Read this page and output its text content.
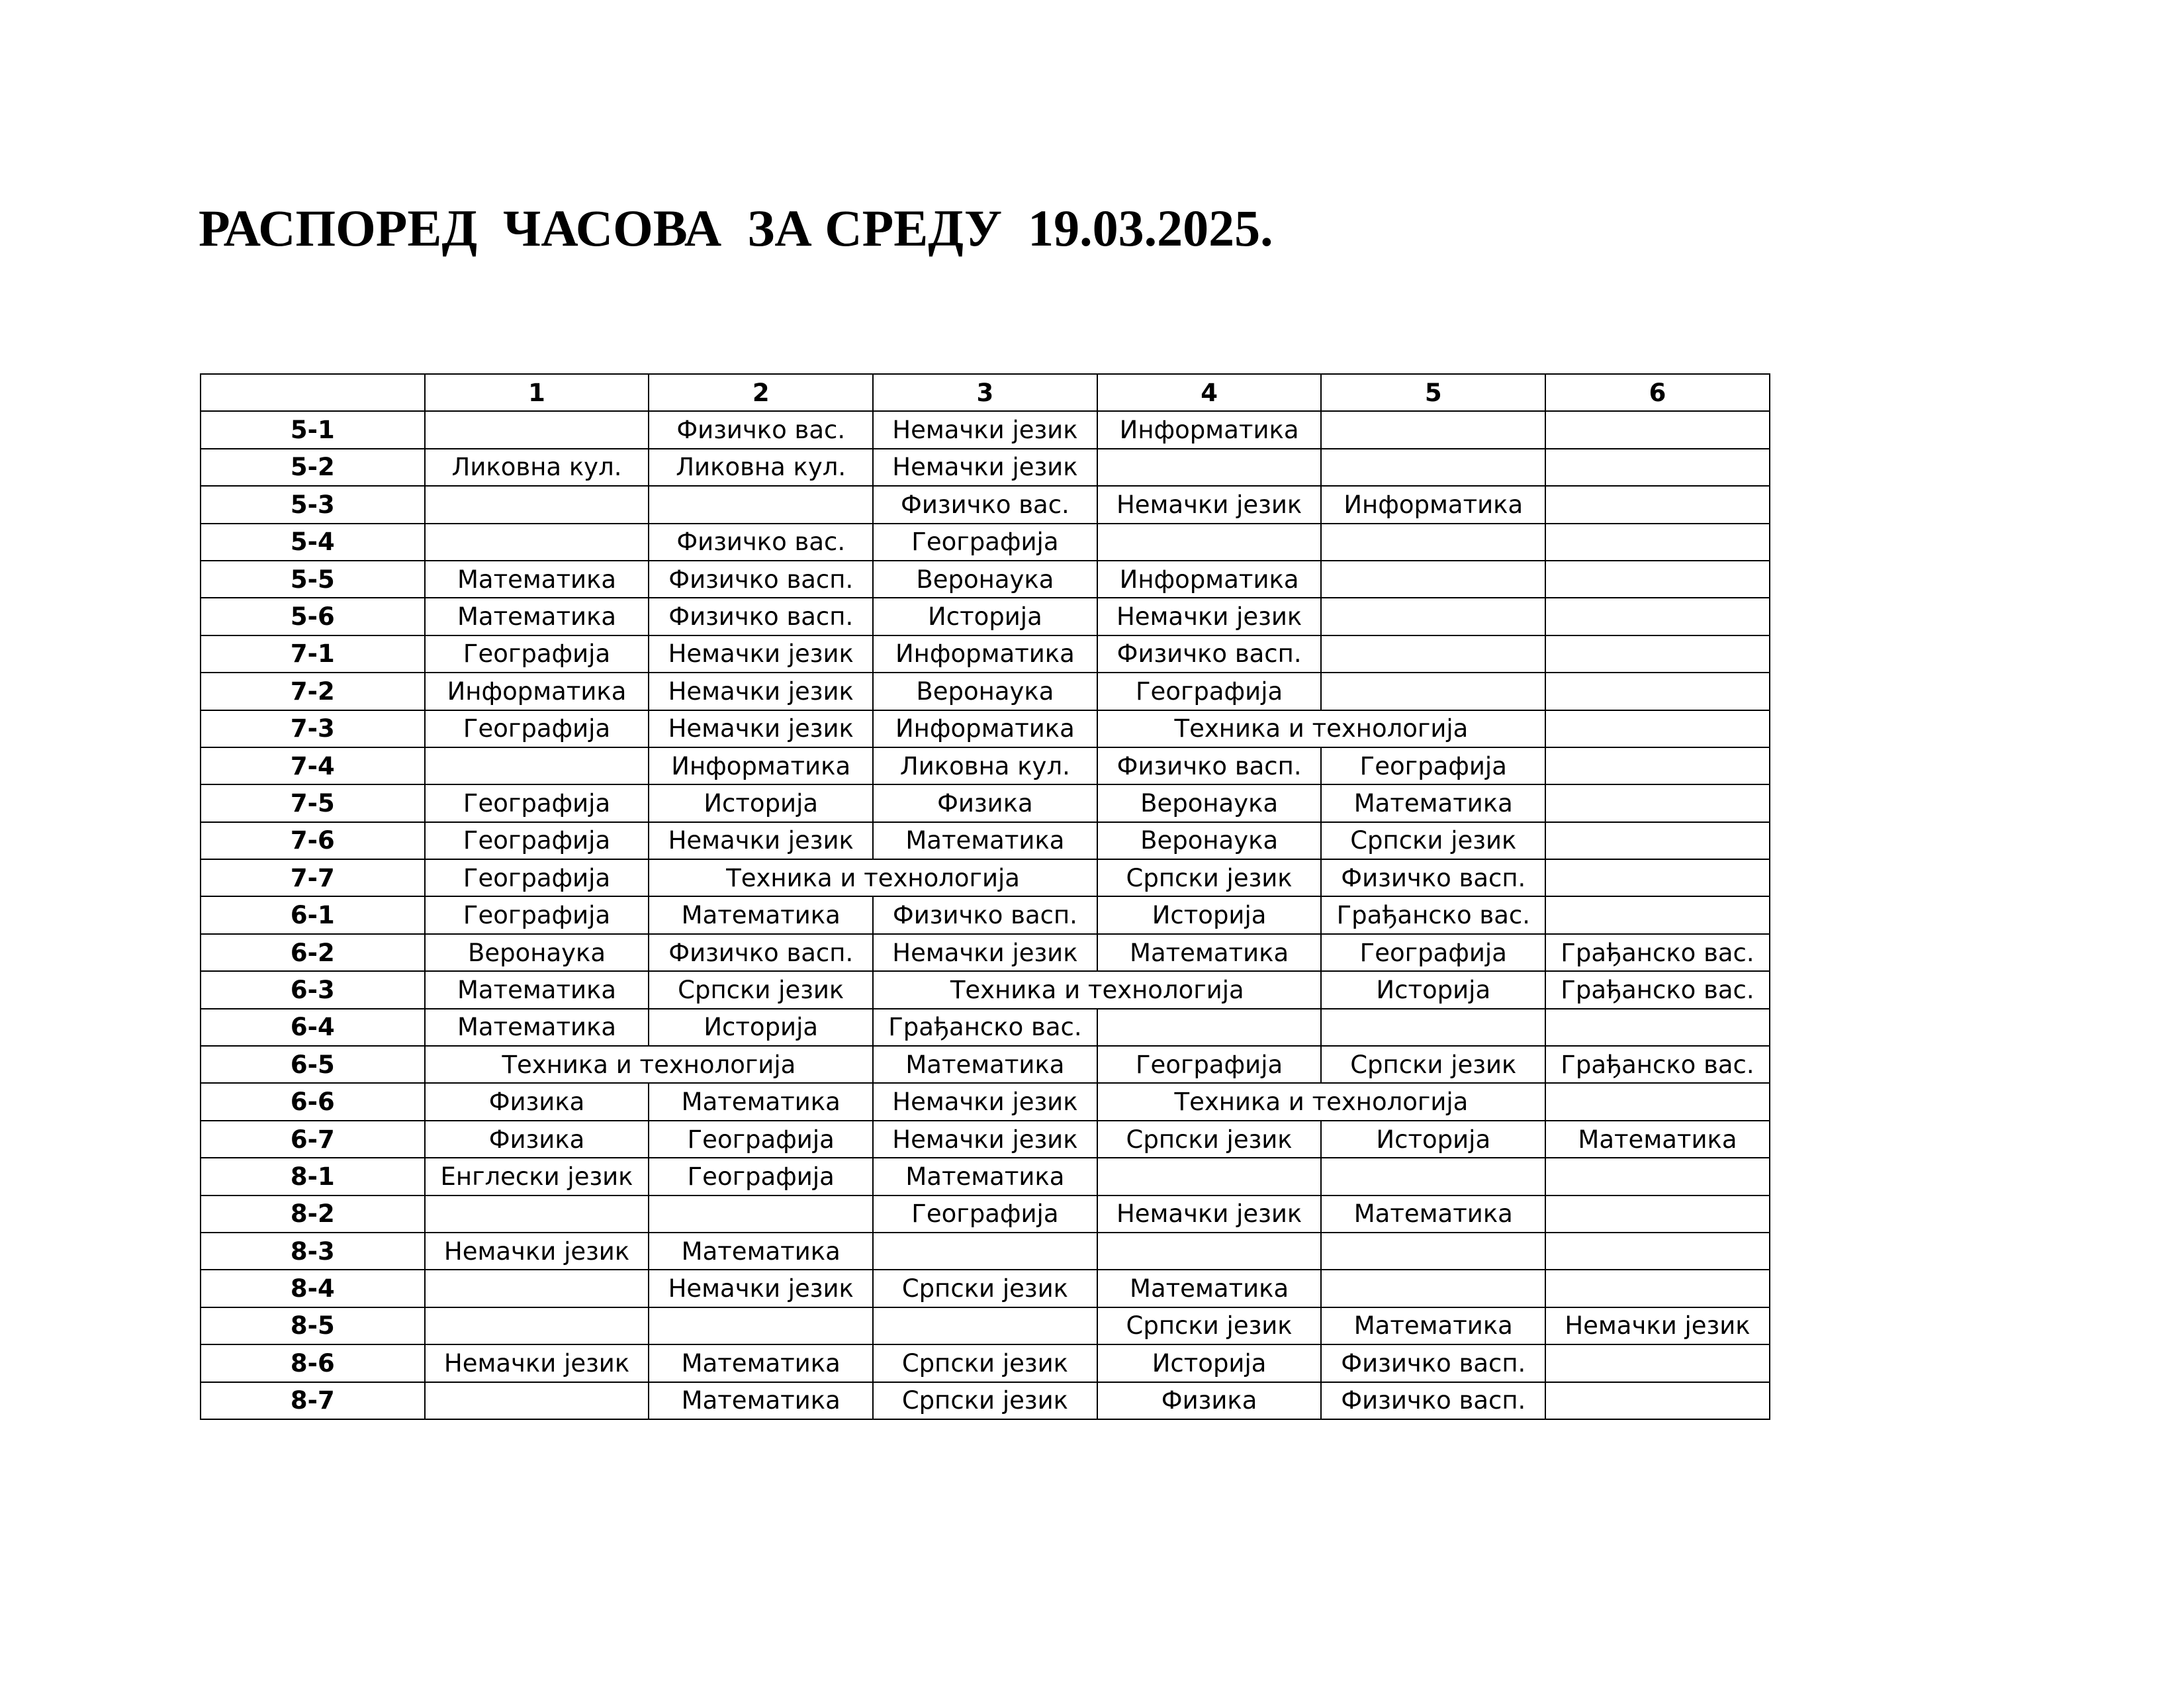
РАСПОРЕД  ЧАСОВА  ЗА СРЕДУ  19.03.2025.
	1	2	3	4	5	6
5-1		Физичко вас.	Немачки језик	Информатика		
5-2	Ликовна кул.	Ликовна кул.	Немачки језик			
5-3			Физичко вас.	Немачки језик	Информатика	
5-4		Физичко вас.	Географија			
5-5	Математика	Физичко васп.	Веронаука	Информатика		
5-6	Математика	Физичко васп.	Историја	Немачки језик		
7-1	Географија	Немачки језик	Информатика	Физичко васп.		
7-2	Информатика	Немачки језик	Веронаука	Географија		
7-3	Географија	Немачки језик	Информатика	Техника и технологија		
7-4		Информатика	Ликовна кул.	Физичко васп.	Географија	
7-5	Географија	Историја	Физика	Веронаука	Математика	
7-6	Географија	Немачки језик	Математика	Веронаука	Српски језик	
7-7	Географија	Техника и технологија		Српски језик	Физичко васп.	
6-1	Географија	Математика	Физичко васп.	Историја	Грађанско вас.	
6-2	Веронаука	Физичко васп.	Немачки језик	Математика	Географија	Грађанско вас.
6-3	Математика	Српски језик	Техника и технологија		Историја	Грађанско вас.
6-4	Математика	Историја	Грађанско вас.			
6-5	Техника и технологија		Математика	Географија	Српски језик	Грађанско вас.
6-6	Физика	Математика	Немачки језик	Техника и технологија		
6-7	Физика	Географија	Немачки језик	Српски језик	Историја	Математика
8-1	Енглески језик	Географија	Математика			
8-2			Географија	Немачки језик	Математика	
8-3	Немачки језик	Математика				
8-4		Немачки језик	Српски језик	Математика		
8-5				Српски језик	Математика	Немачки језик
8-6	Немачки језик	Математика	Српски језик	Историја	Физичко васп.	
8-7		Математика	Српски језик	Физика	Физичко васп.	
